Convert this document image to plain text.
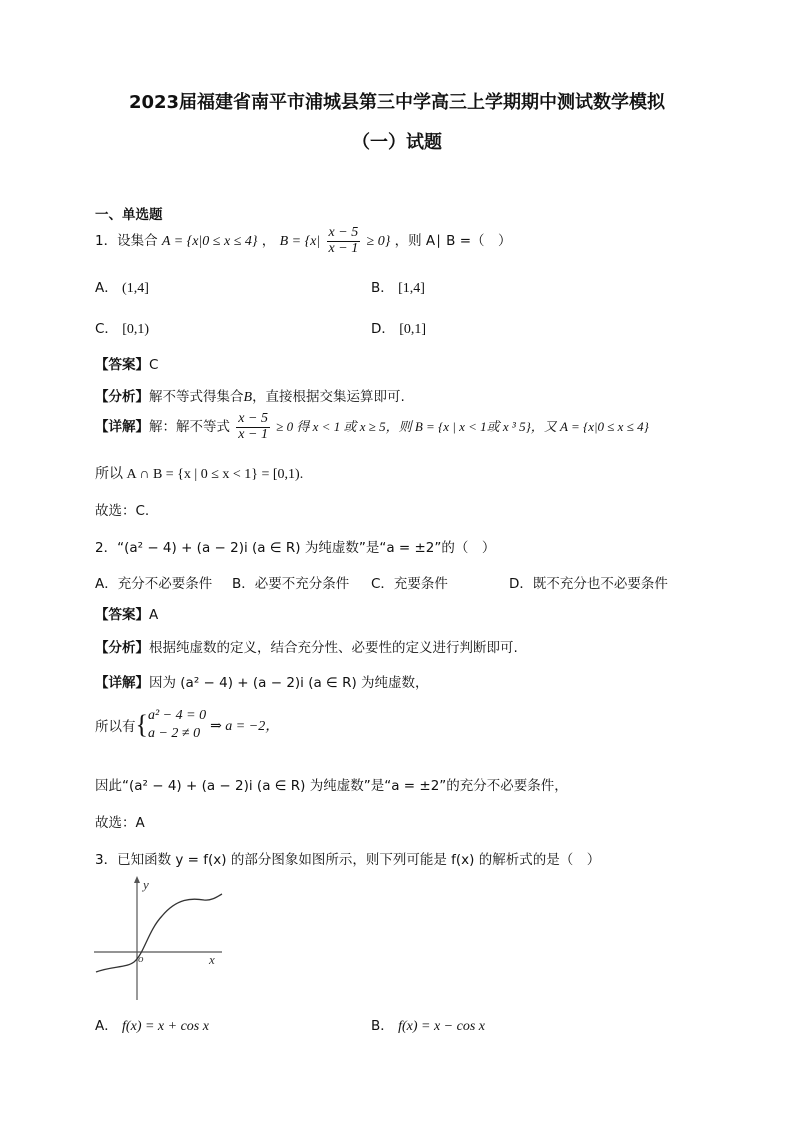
2023届福建省南平市浦城县第三中学高三上学期期中测试数学模拟
（一）试题
一、单选题
1．设集合 A = {x|0 ≤ x ≤ 4} ， $B = \{x| \frac{x - 5}{x - 1} \ge 0\}$ ，则 A∣ B =（　）
A． (1,4]	B． [1,4]
C． [0,1)	D． [0,1]
【答案】C
【分析】解不等式得集合B，直接根据交集运算即可.
【详解】解：解不等式 $\frac{x - 5}{x - 1} \ge 0$ 得 x < 1 或 x ≥ 5，则 B = {x | x < 1或 x ³ 5}，又 A = {x|0 ≤ x ≤ 4}
所以 A ∩ B = {x | 0 ≤ x < 1} = [0,1).
故选：C.
2．“(a² − 4) + (a − 2)i (a ∈ R) 为纯虚数”是“a = ±2”的（　）
A．充分不必要条件 B．必要不充分条件 C．充要条件	D．既不充分也不必要条件
【答案】A
【分析】根据纯虚数的定义，结合充分性、必要性的定义进行判断即可.
【详解】因为 (a² − 4) + (a − 2)i (a ∈ R) 为纯虚数，
所以有{ a² − 4 = 0
a − 2 ≠ 0 ⇒ a = −2，
因此“(a² − 4) + (a − 2)i (a ∈ R) 为纯虚数”是“a = ±2”的充分不必要条件，
故选：A
3．已知函数 y = f(x) 的部分图象如图所示，则下列可能是 f(x) 的解析式的是（　）
y
x
o
A． f(x) = x + cos x	B． f(x) = x − cos x
